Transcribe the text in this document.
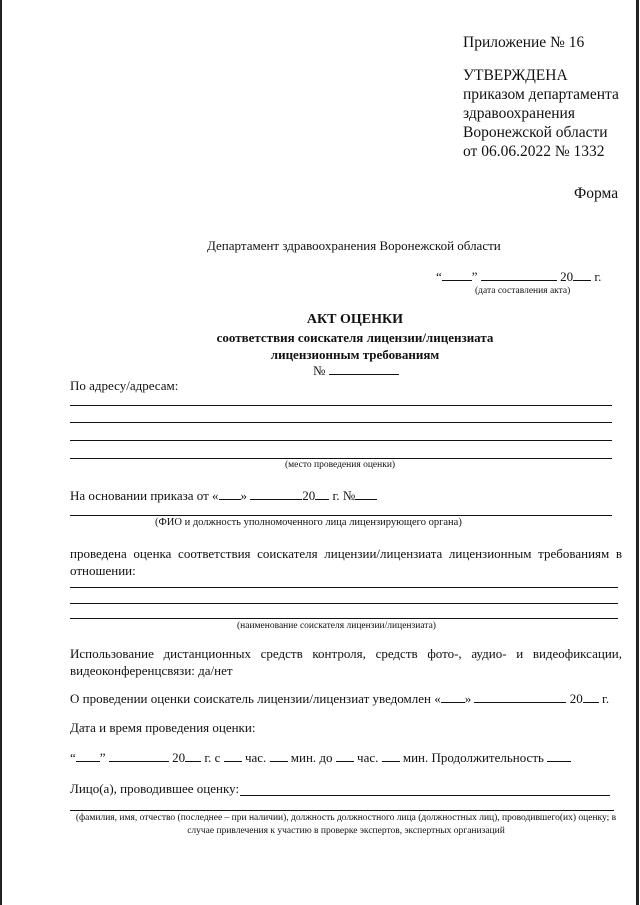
Приложение № 16
УТВЕРЖДЕНА
приказом департамента
здравоохранения
Воронежской области
от 06.06.2022 № 1332
Форма
Департамент здравоохранения Воронежской области
“ ”	20 г.
(дата составления акта)
АКТ ОЦЕНКИ
соответствия соискателя лицензии/лицензиата
лицензионным требованиям
№
По адресу/адресам:
(место проведения оценки)
На основании приказа от « »	20 г. №
(ФИО и должность уполномоченного лица лицензирующего органа)
проведена оценка соответствия соискателя лицензии/лицензиата лицензионным требованиям в отношении:
(наименование соискателя лицензии/лицензиата)
Использование дистанционных средств контроля, средств фото-, аудио- и видеофиксации, видеоконференцсвязи: да/нет
О проведении оценки соискатель лицензии/лицензиат уведомлен « »	20 г.
Дата и время проведения оценки:
“ ”	20 г. с час. мин. до час. мин. Продолжительность
Лицо(а), проводившее оценку:
(фамилия, имя, отчество (последнее – при наличии), должность должностного лица (должностных лиц), проводившего(их) оценку; в случае привлечения к участию в проверке экспертов, экспертных организаций
